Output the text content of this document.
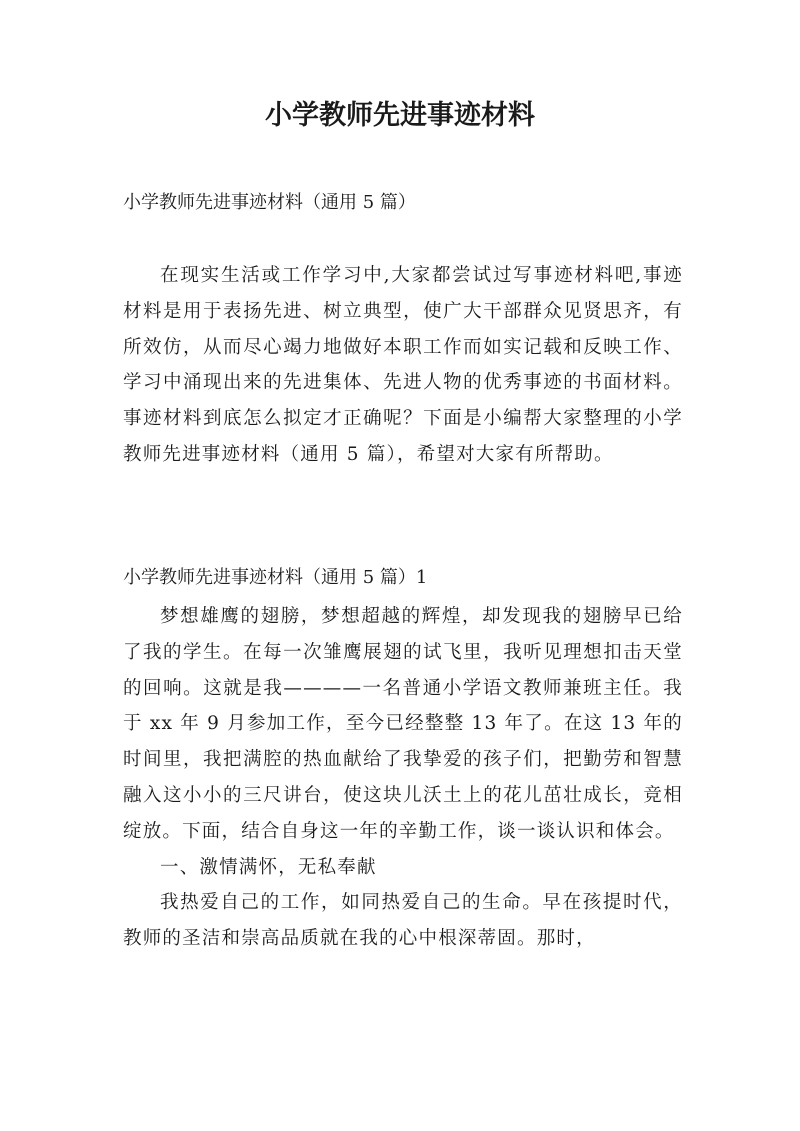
小学教师先进事迹材料
小学教师先进事迹材料（通用 5 篇）

在现实生活或工作学习中,大家都尝试过写事迹材料吧,事迹材料是用于表扬先进、树立典型，使广大干部群众见贤思齐，有所效仿，从而尽心竭力地做好本职工作而如实记载和反映工作、学习中涌现出来的先进集体、先进人物的优秀事迹的书面材料。事迹材料到底怎么拟定才正确呢？下面是小编帮大家整理的小学教师先进事迹材料（通用 5 篇），希望对大家有所帮助。

小学教师先进事迹材料（通用 5 篇）1

梦想雄鹰的翅膀，梦想超越的辉煌，却发现我的翅膀早已给了我的学生。在每一次雏鹰展翅的试飞里，我听见理想扣击天堂的回响。这就是我————一名普通小学语文教师兼班主任。我于 xx 年 9 月参加工作，至今已经整整 13 年了。在这 13 年的时间里，我把满腔的热血献给了我挚爱的孩子们，把勤劳和智慧融入这小小的三尺讲台，使这块儿沃土上的花儿茁壮成长，竞相绽放。下面，结合自身这一年的辛勤工作，谈一谈认识和体会。

一、激情满怀，无私奉献

我热爱自己的工作，如同热爱自己的生命。早在孩提时代，教师的圣洁和崇高品质就在我的心中根深蒂固。那时，
